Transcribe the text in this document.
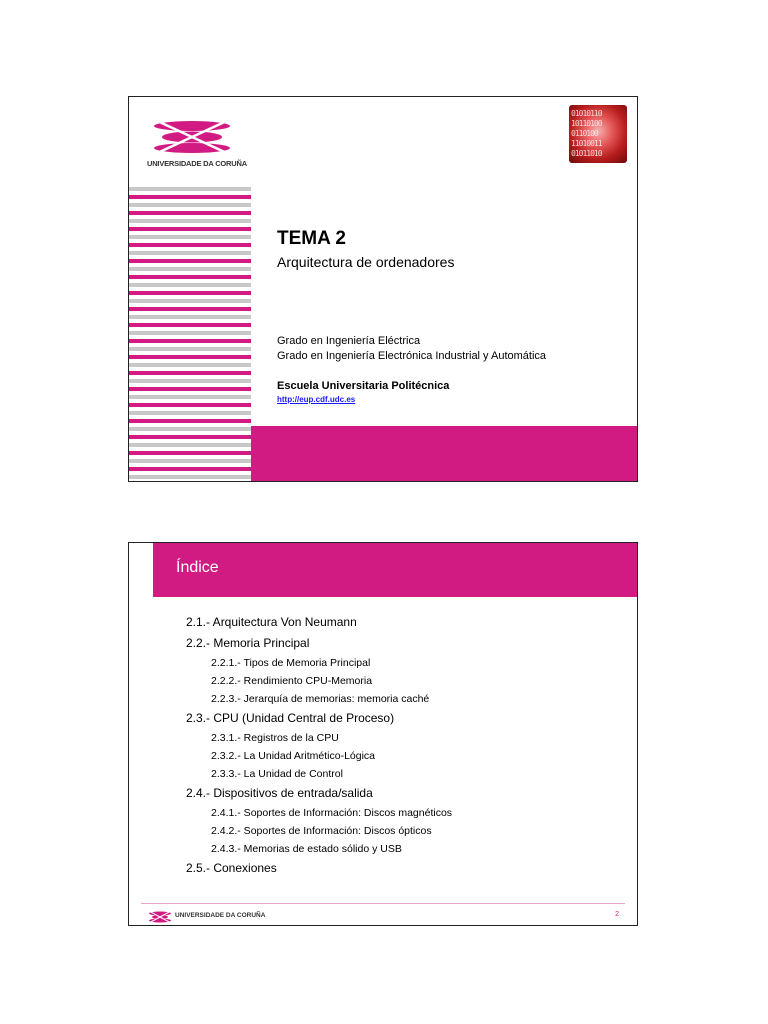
UNIVERSIDADE DA CORUÑA
01010110
10110100
0110100
11010011
01011010
TEMA 2
Arquitectura de ordenadores
Grado en Ingeniería Eléctrica
Grado en Ingeniería Electrónica Industrial y Automática
Escuela Universitaria Politécnica
http://eup.cdf.udc.es
Índice
2.1.- Arquitectura Von Neumann
2.2.- Memoria Principal
2.2.1.- Tipos de Memoria Principal
2.2.2.- Rendimiento CPU-Memoria
2.2.3.- Jerarquía de memorias: memoria caché
2.3.- CPU (Unidad Central de Proceso)
2.3.1.- Registros de la CPU
2.3.2.- La Unidad Aritmético-Lógica
2.3.3.- La Unidad de Control
2.4.- Dispositivos de entrada/salida
2.4.1.- Soportes de Información: Discos magnéticos
2.4.2.- Soportes de Información: Discos ópticos
2.4.3.- Memorias de estado sólido y USB
2.5.- Conexiones
UNIVERSIDADE DA CORUÑA	2
